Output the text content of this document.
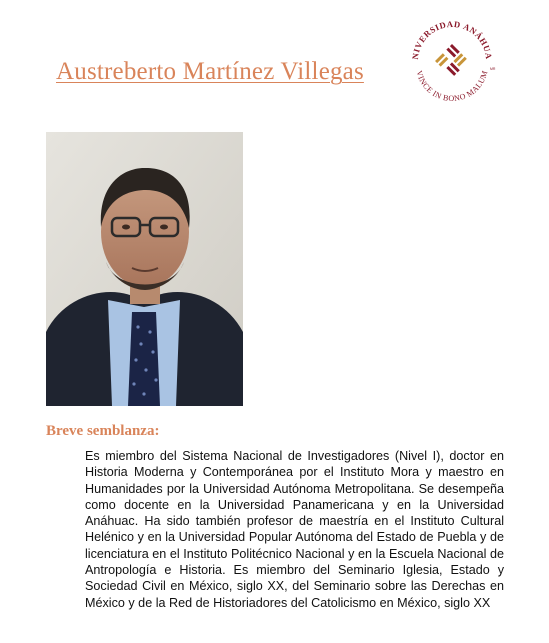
Austreberto Martínez Villegas
NIVERSIDAD ANÁHUA
VINCE IN BONO MALUM
MR
Breve semblanza:

Es miembro del Sistema Nacional de Investigadores (Nivel I), doctor en Historia Moderna y Contemporánea por el Instituto Mora y maestro en Humanidades por la Universidad Autónoma Metropolitana. Se desempeña como docente en la Universidad Panamericana y en la Universidad Anáhuac. Ha sido también profesor de maestría en el Instituto Cultural Helénico y en la Universidad Popular Autónoma del Estado de Puebla y de licenciatura en el Instituto Politécnico Nacional y en la Escuela Nacional de Antropología e Historia. Es miembro del Seminario Iglesia, Estado y Sociedad Civil en México, siglo XX, del Seminario sobre las Derechas en México y de la Red de Historiadores del Catolicismo en México, siglo XX
